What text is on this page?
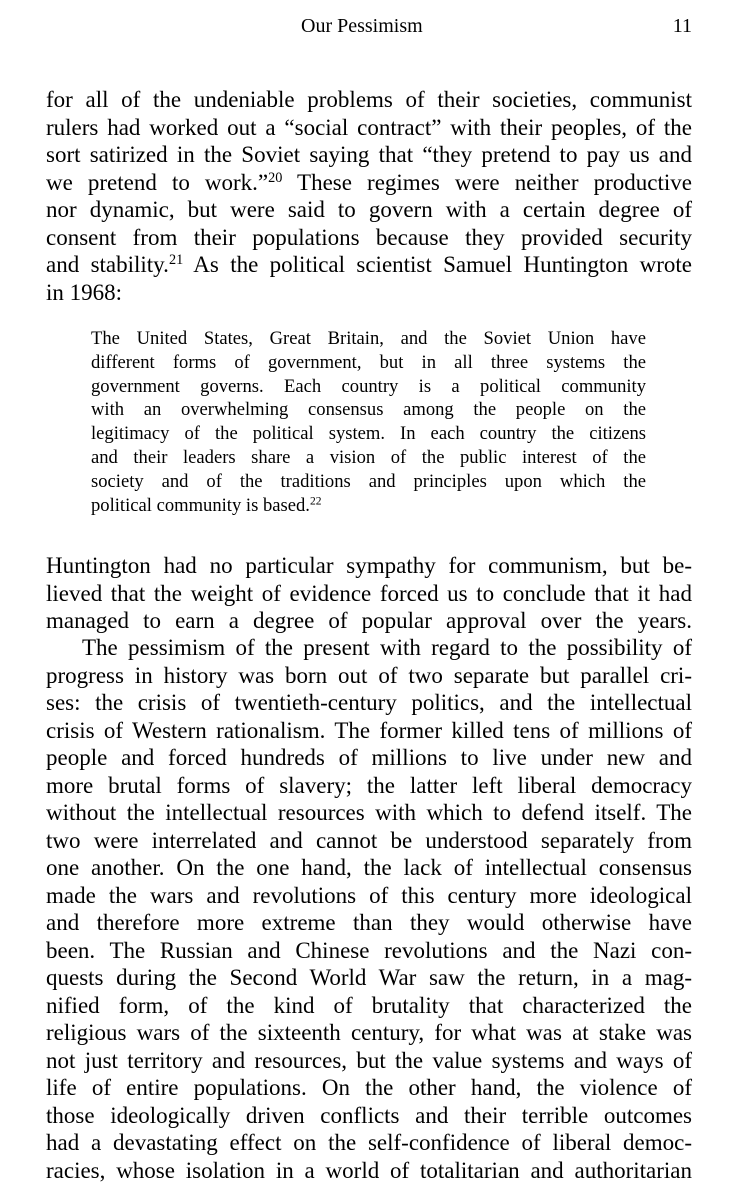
Our Pessimism	11
for all of the undeniable problems of their societies, communist
rulers had worked out a “social contract” with their peoples, of the
sort satirized in the Soviet saying that “they pretend to pay us and
we pretend to work.”$^{20}$ These regimes were neither productive
nor dynamic, but were said to govern with a certain degree of
consent from their populations because they provided security
and stability.$^{21}$ As the political scientist Samuel Huntington wrote
in 1968:
The United States, Great Britain, and the Soviet Union have
different forms of government, but in all three systems the
government governs. Each country is a political community
with an overwhelming consensus among the people on the
legitimacy of the political system. In each country the citizens
and their leaders share a vision of the public interest of the
society and of the traditions and principles upon which the
political community is based.$^{22}$
Huntington had no particular sympathy for communism, but be-
lieved that the weight of evidence forced us to conclude that it had
managed to earn a degree of popular approval over the years.
The pessimism of the present with regard to the possibility of
progress in history was born out of two separate but parallel cri-
ses: the crisis of twentieth-century politics, and the intellectual
crisis of Western rationalism. The former killed tens of millions of
people and forced hundreds of millions to live under new and
more brutal forms of slavery; the latter left liberal democracy
without the intellectual resources with which to defend itself. The
two were interrelated and cannot be understood separately from
one another. On the one hand, the lack of intellectual consensus
made the wars and revolutions of this century more ideological
and therefore more extreme than they would otherwise have
been. The Russian and Chinese revolutions and the Nazi con-
quests during the Second World War saw the return, in a mag-
nified form, of the kind of brutality that characterized the
religious wars of the sixteenth century, for what was at stake was
not just territory and resources, but the value systems and ways of
life of entire populations. On the other hand, the violence of
those ideologically driven conflicts and their terrible outcomes
had a devastating effect on the self-confidence of liberal democ-
racies, whose isolation in a world of totalitarian and authoritarian
